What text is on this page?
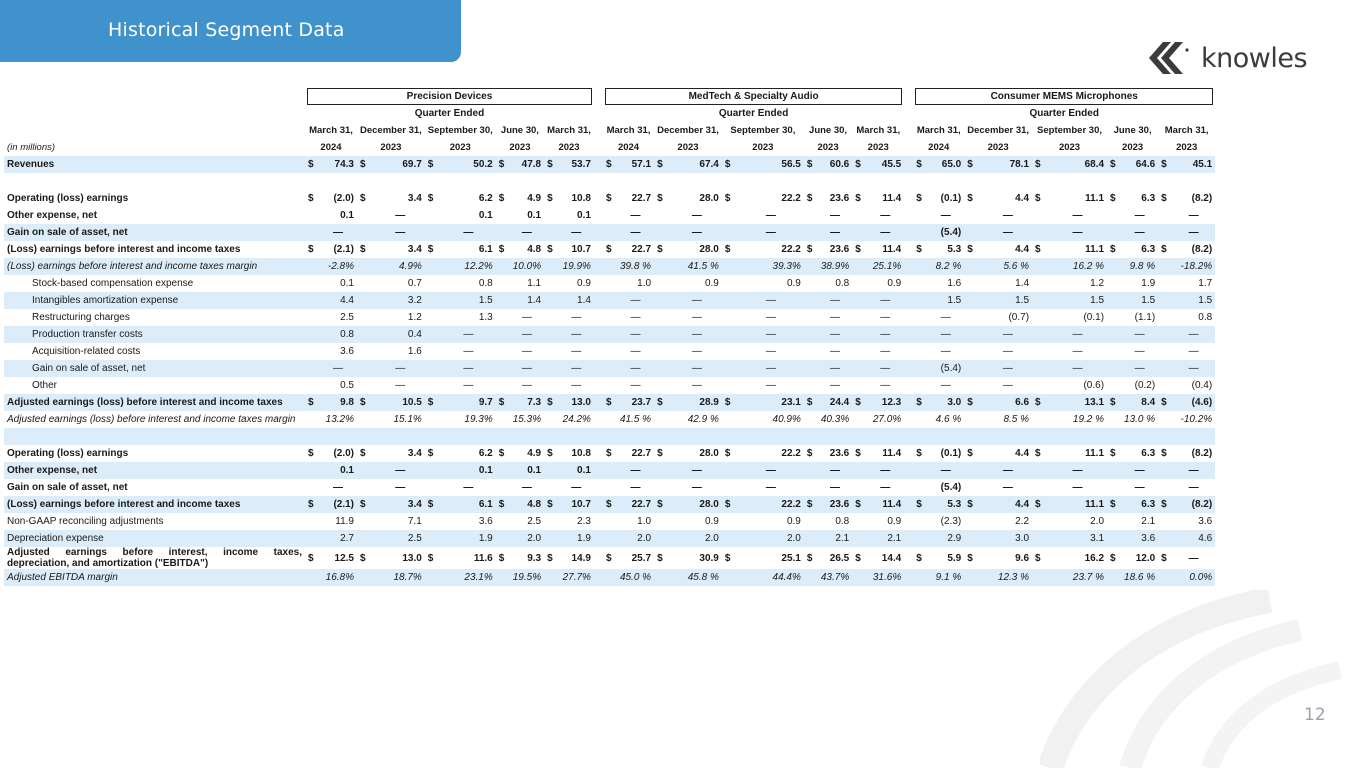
Historical Segment Data
knowles

	Precision Devices											MedTech & Specialty Audio											Consumer MEMS Microphones									

	Quarter Ended											Quarter Ended											Quarter Ended									
	March 31,		December 31,		September 30,		June 30,		March 31,			March 31,		December 31,		September 30,		June 30,		March 31,			March 31,		December 31,		September 30,		June 30,		March 31,	
(in millions)	2024		2023		2023		2023		2023			2024		2023		2023		2023		2023			2024		2023		2023		2023		2023	
Revenues	$	74.3	$	69.7	$	50.2	$	47.8	$	53.7		$	57.1	$	67.4	$	56.5	$	60.6	$	45.5		$	65.0	$	78.1	$	68.4	$	64.6	$	45.1

Operating (loss) earnings	$	(2.0)	$	3.4	$	6.2	$	4.9	$	10.8		$	22.7	$	28.0	$	22.2	$	23.6	$	11.4		$	(0.1)	$	4.4	$	11.1	$	6.3	$	(8.2)
Other expense, net		0.1		—		0.1		0.1		0.1			—		—		—		—		—			—		—		—		—		—
Gain on sale of asset, net		—		—		—		—		—			—		—		—		—		—			(5.4)		—		—		—		—
(Loss) earnings before interest and income taxes	$	(2.1)	$	3.4	$	6.1	$	4.8	$	10.7		$	22.7	$	28.0	$	22.2	$	23.6	$	11.4		$	5.3	$	4.4	$	11.1	$	6.3	$	(8.2)
(Loss) earnings before interest and income taxes margin		-2.8%		4.9%		12.2%		10.0%		19.9%			39.8 %		41.5 %		39.3%		38.9%		25.1%			8.2 %		5.6 %		16.2 %		9.8 %		-18.2%
Stock-based compensation expense		0.1		0.7		0.8		1.1		0.9			1.0		0.9		0.9		0.8		0.9			1.6		1.4		1.2		1.9		1.7
Intangibles amortization expense		4.4		3.2		1.5		1.4		1.4			—		—		—		—		—			1.5		1.5		1.5		1.5		1.5
Restructuring charges		2.5		1.2		1.3		—		—			—		—		—		—		—			—		(0.7)		(0.1)		(1.1)		0.8
Production transfer costs		0.8		0.4		—		—		—			—		—		—		—		—			—		—		—		—		—
Acquisition-related costs		3.6		1.6		—		—		—			—		—		—		—		—			—		—		—		—		—
Gain on sale of asset, net		—		—		—		—		—			—		—		—		—		—			(5.4)		—		—		—		—
Other		0.5		—		—		—		—			—		—		—		—		—			—		—		(0.6)		(0.2)		(0.4)
Adjusted earnings (loss) before interest and income taxes	$	9.8	$	10.5	$	9.7	$	7.3	$	13.0		$	23.7	$	28.9	$	23.1	$	24.4	$	12.3		$	3.0	$	6.6	$	13.1	$	8.4	$	(4.6)
Adjusted earnings (loss) before interest and income taxes margin		13.2%		15.1%		19.3%		15.3%		24.2%			41.5 %		42.9 %		40.9%		40.3%		27.0%			4.6 %		8.5 %		19.2 %		13.0 %		-10.2%

Operating (loss) earnings	$	(2.0)	$	3.4	$	6.2	$	4.9	$	10.8		$	22.7	$	28.0	$	22.2	$	23.6	$	11.4		$	(0.1)	$	4.4	$	11.1	$	6.3	$	(8.2)
Other expense, net		0.1		—		0.1		0.1		0.1			—		—		—		—		—			—		—		—		—		—
Gain on sale of asset, net		—		—		—		—		—			—		—		—		—		—			(5.4)		—		—		—		—
(Loss) earnings before interest and income taxes	$	(2.1)	$	3.4	$	6.1	$	4.8	$	10.7		$	22.7	$	28.0	$	22.2	$	23.6	$	11.4		$	5.3	$	4.4	$	11.1	$	6.3	$	(8.2)
Non-GAAP reconciling adjustments		11.9		7.1		3.6		2.5		2.3			1.0		0.9		0.9		0.8		0.9			(2.3)		2.2		2.0		2.1		3.6
Depreciation expense		2.7		2.5		1.9		2.0		1.9			2.0		2.0		2.0		2.1		2.1			2.9		3.0		3.1		3.6		4.6
Adjusted earnings before interest, income taxes, depreciation, and amortization ("EBITDA")	$	12.5	$	13.0	$	11.6	$	9.3	$	14.9		$	25.7	$	30.9	$	25.1	$	26.5	$	14.4		$	5.9	$	9.6	$	16.2	$	12.0	$	—
Adjusted EBITDA margin		16.8%		18.7%		23.1%		19.5%		27.7%			45.0 %		45.8 %		44.4%		43.7%		31.6%			9.1 %		12.3 %		23.7 %		18.6 %		0.0%
12
